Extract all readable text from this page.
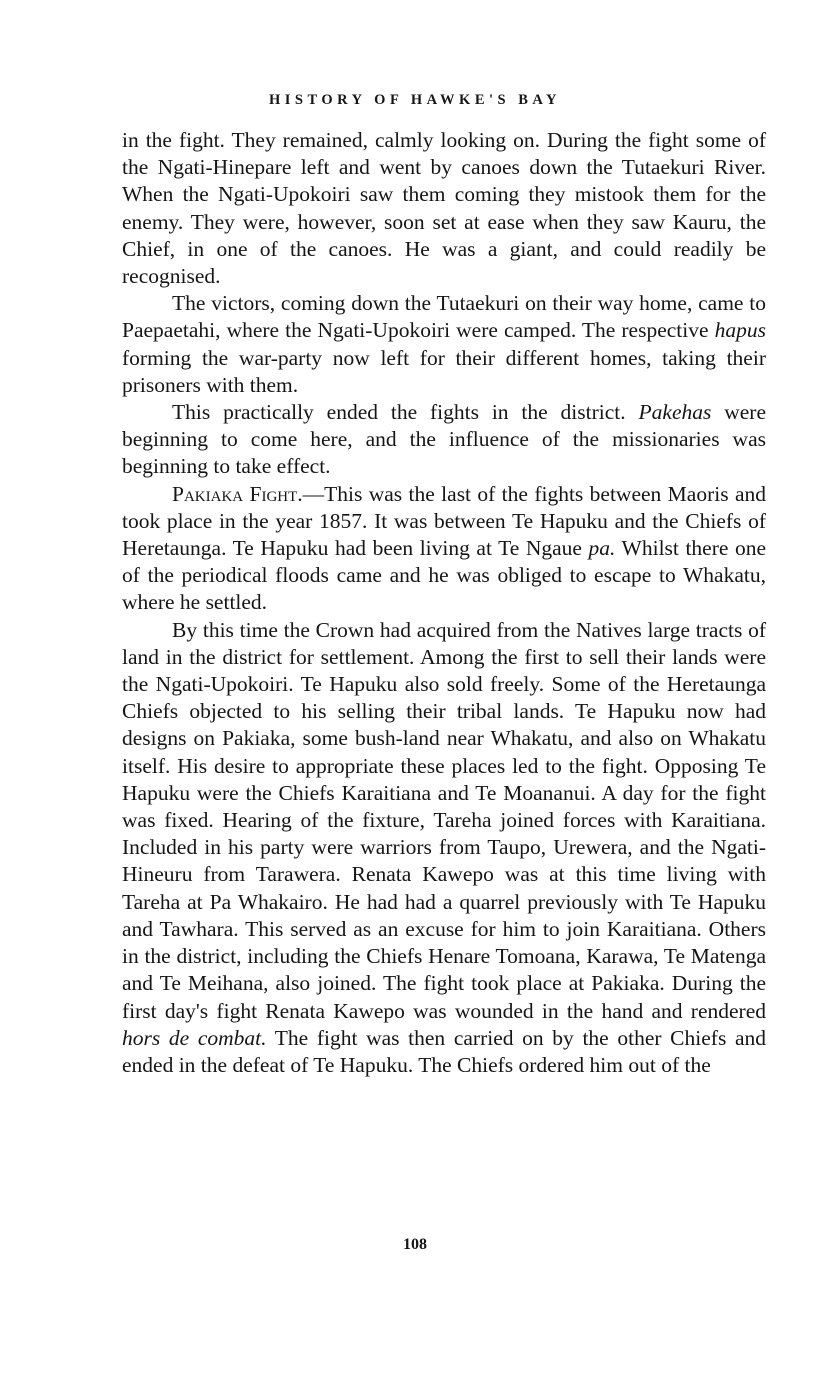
HISTORY OF HAWKE'S BAY

in the fight. They remained, calmly looking on. During the fight some of the Ngati-Hinepare left and went by canoes down the Tutaekuri River. When the Ngati-Upokoiri saw them coming they mistook them for the enemy. They were, however, soon set at ease when they saw Kauru, the Chief, in one of the canoes. He was a giant, and could readily be recognised.

The victors, coming down the Tutaekuri on their way home, came to Paepaetahi, where the Ngati-Upokoiri were camped. The respective hapus forming the war-party now left for their different homes, taking their prisoners with them.

This practically ended the fights in the district. Pakehas were beginning to come here, and the influence of the missionaries was beginning to take effect.

Pakiaka Fight.—This was the last of the fights between Maoris and took place in the year 1857. It was between Te Hapuku and the Chiefs of Heretaunga. Te Hapuku had been living at Te Ngaue pa. Whilst there one of the periodical floods came and he was obliged to escape to Whakatu, where he settled.

By this time the Crown had acquired from the Natives large tracts of land in the district for settlement. Among the first to sell their lands were the Ngati-Upokoiri. Te Hapuku also sold freely. Some of the Heretaunga Chiefs objected to his selling their tribal lands. Te Hapuku now had designs on Pakiaka, some bush-land near Whakatu, and also on Whakatu itself. His desire to appropriate these places led to the fight. Opposing Te Hapuku were the Chiefs Karaitiana and Te Moananui. A day for the fight was fixed. Hearing of the fixture, Tareha joined forces with Karaitiana. Included in his party were warriors from Taupo, Urewera, and the Ngati-Hineuru from Tarawera. Renata Kawepo was at this time living with Tareha at Pa Whakairo. He had had a quarrel previously with Te Hapuku and Tawhara. This served as an excuse for him to join Karaitiana. Others in the district, including the Chiefs Henare Tomoana, Karawa, Te Matenga and Te Meihana, also joined. The fight took place at Pakiaka. During the first day's fight Renata Kawepo was wounded in the hand and rendered hors de combat. The fight was then carried on by the other Chiefs and ended in the defeat of Te Hapuku. The Chiefs ordered him out of the

108
